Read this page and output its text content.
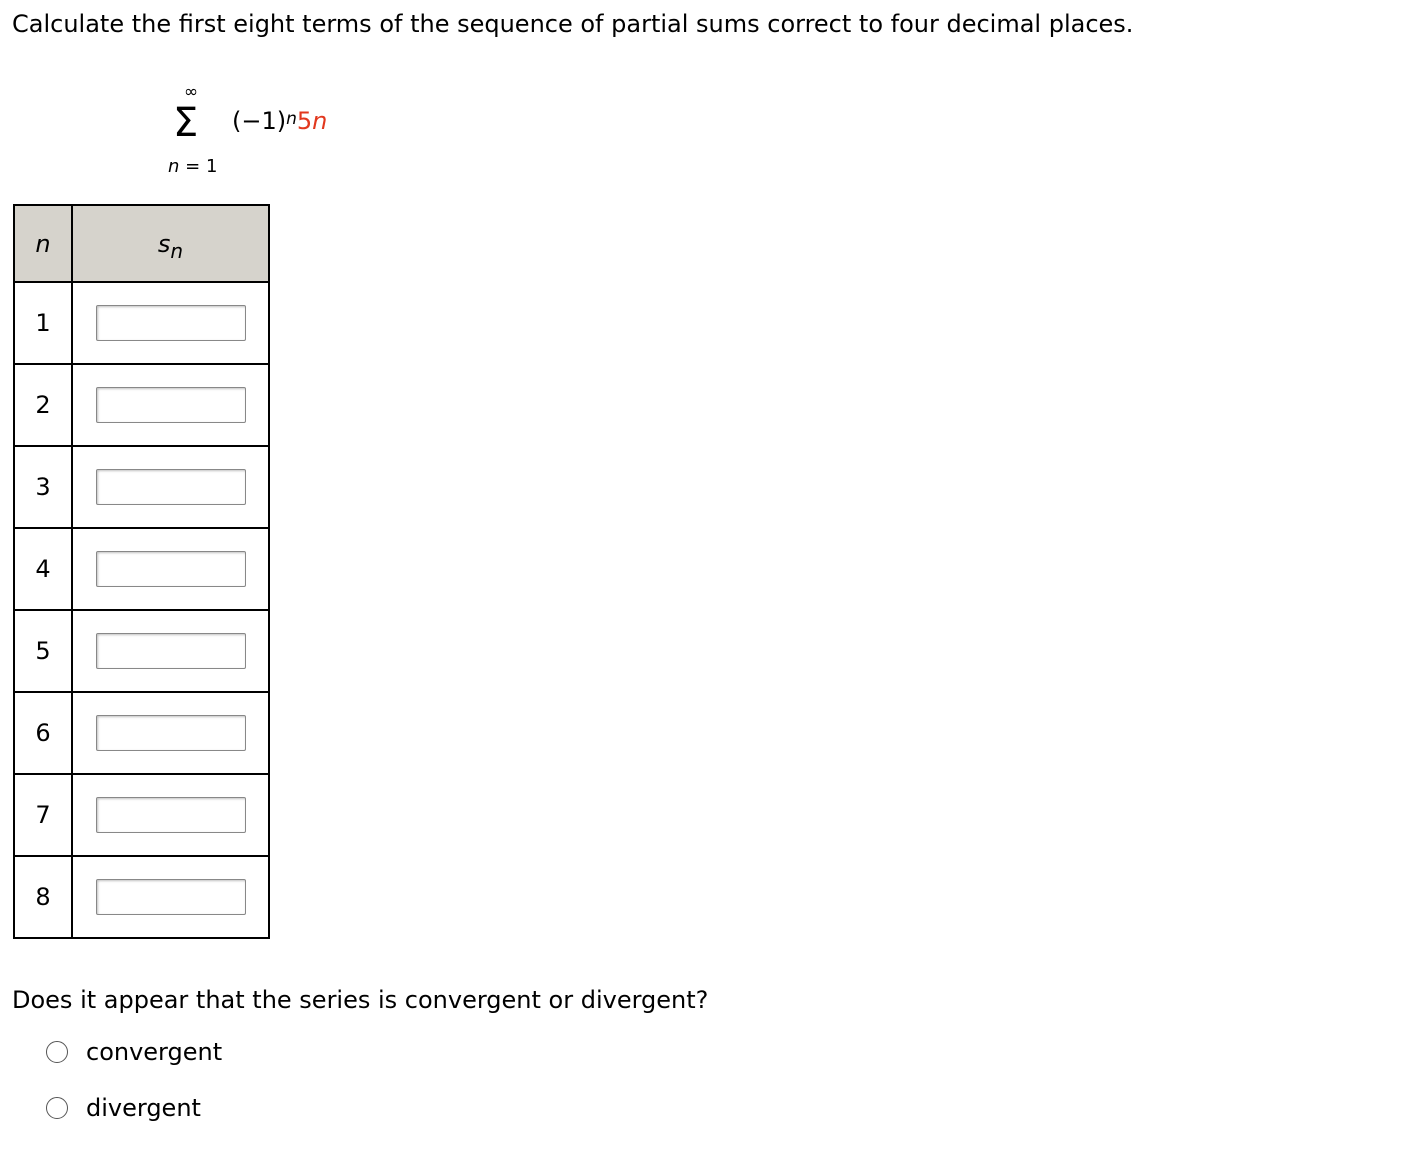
Calculate the first eight terms of the sequence of partial sums correct to four decimal places.
∞
Σ
n = 1
$(-1)^n5n$
n	$s_n$
1	

2	

3	

4	

5	

6	

7	

8	
Does it appear that the series is convergent or divergent?
convergent
divergent
